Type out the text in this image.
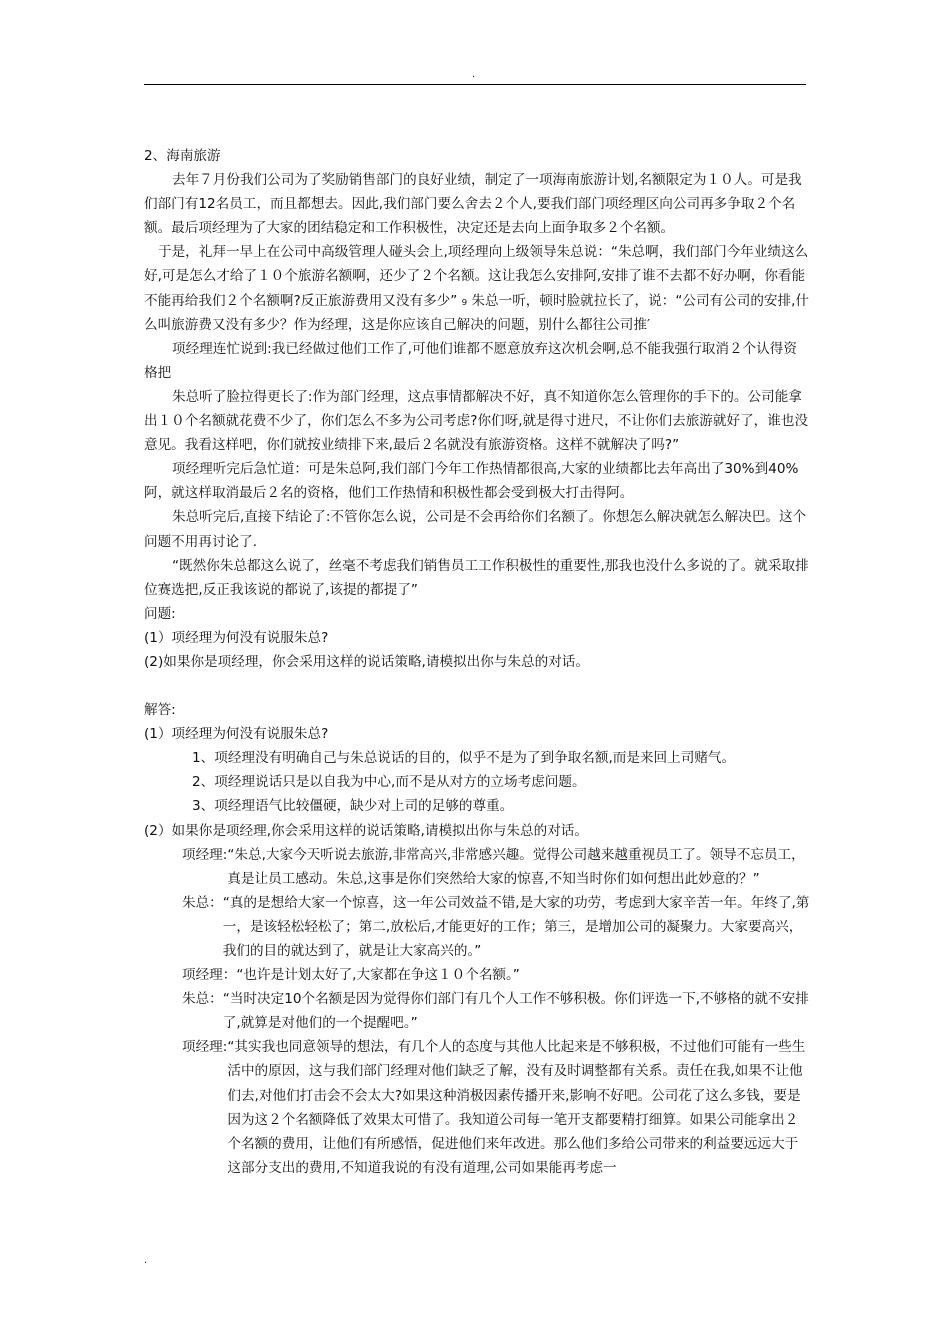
.

2、海南旅游

去年７月份我们公司为了奖励销售部门的良好业绩，制定了一项海南旅游计划,名额限定为１０人。可是我们部门有12名员工，而且都想去。因此,我们部门要么舍去２个人,要我们部门项经理区向公司再多争取２个名额。最后项经理为了大家的团结稳定和工作积极性，决定还是去向上面争取多２个名额。

于是，礼拜一早上在公司中高级管理人碰头会上,项经理向上级领导朱总说：“朱总啊，我们部门今年业绩这么好,可是怎么才给了１０个旅游名额啊，还少了２个名额。这让我怎么安排阿,安排了谁不去都不好办啊，你看能不能再给我们２个名额啊?反正旅游费用又没有多少” ₉ 朱总一听，顿时脸就拉长了，说：“公司有公司的安排,什么叫旅游费又没有多少？作为经理，这是你应该自己解决的问题，别什么都往公司推′

项经理连忙说到:我已经做过他们工作了,可他们谁都不愿意放弃这次机会啊,总不能我强行取消２个认得资格把

朱总听了脸拉得更长了:作为部门经理，这点事情都解决不好，真不知道你怎么管理你的手下的。公司能拿出１０个名额就花费不少了，你们怎么不多为公司考虑?你们呀,就是得寸进尺，不让你们去旅游就好了，谁也没意见。我看这样吧，你们就按业绩排下来,最后２名就没有旅游资格。这样不就解决了吗?”

项经理听完后急忙道：可是朱总阿,我们部门今年工作热情都很高,大家的业绩都比去年高出了30%到40%阿，就这样取消最后２名的资格，他们工作热情和积极性都会受到极大打击得阿。

朱总听完后,直接下结论了:不管你怎么说，公司是不会再给你们名额了。你想怎么解决就怎么解决巴。这个问题不用再讨论了.

“既然你朱总都这么说了，丝毫不考虑我们销售员工工作积极性的重要性,那我也没什么多说的了。就采取排位赛选把,反正我该说的都说了,该提的都提了”

问题:

(1）项经理为何没有说服朱总?

(2)如果你是项经理，你会采用这样的说话策略,请模拟出你与朱总的对话。

解答:

(1）项经理为何没有说服朱总?

1、项经理没有明确自己与朱总说话的目的，似乎不是为了到争取名额,而是来回上司赌气。

2、项经理说话只是以自我为中心,而不是从对方的立场考虑问题。

3、项经理语气比较僵硬，缺少对上司的足够的尊重。

(2）如果你是项经理,你会采用这样的说话策略,请模拟出你与朱总的对话。

项经理: “朱总,大家今天听说去旅游,非常高兴,非常感兴趣。觉得公司越来越重视员工了。领导不忘员工，真是让员工感动。朱总,这事是你们突然给大家的惊喜,不知当时你们如何想出此妙意的？”
朱总： “真的是想给大家一个惊喜，这一年公司效益不错,是大家的功劳，考虑到大家辛苦一年。年终了,第一，是该轻松轻松了；第二,放松后,才能更好的工作；第三，是增加公司的凝聚力。大家要高兴，我们的目的就达到了，就是让大家高兴的。”
项经理： “也许是计划太好了,大家都在争这１０个名额。”
朱总： “当时决定10个名额是因为觉得你们部门有几个人工作不够积极。你们评选一下,不够格的就不安排了,就算是对他们的一个提醒吧。”
项经理: “其实我也同意领导的想法，有几个人的态度与其他人比起来是不够积极，不过他们可能有一些生活中的原因，这与我们部门经理对他们缺乏了解，没有及时调整都有关系。责任在我,如果不让他们去,对他们打击会不会太大?如果这种消极因素传播开来,影响不好吧。公司花了这么多钱，要是因为这２个名额降低了效果太可惜了。我知道公司每一笔开支都要精打细算。如果公司能拿出２个名额的费用，让他们有所感悟，促进他们来年改进。那么他们多给公司带来的利益要远远大于这部分支出的费用,不知道我说的有没有道理,公司如果能再考虑一
.
